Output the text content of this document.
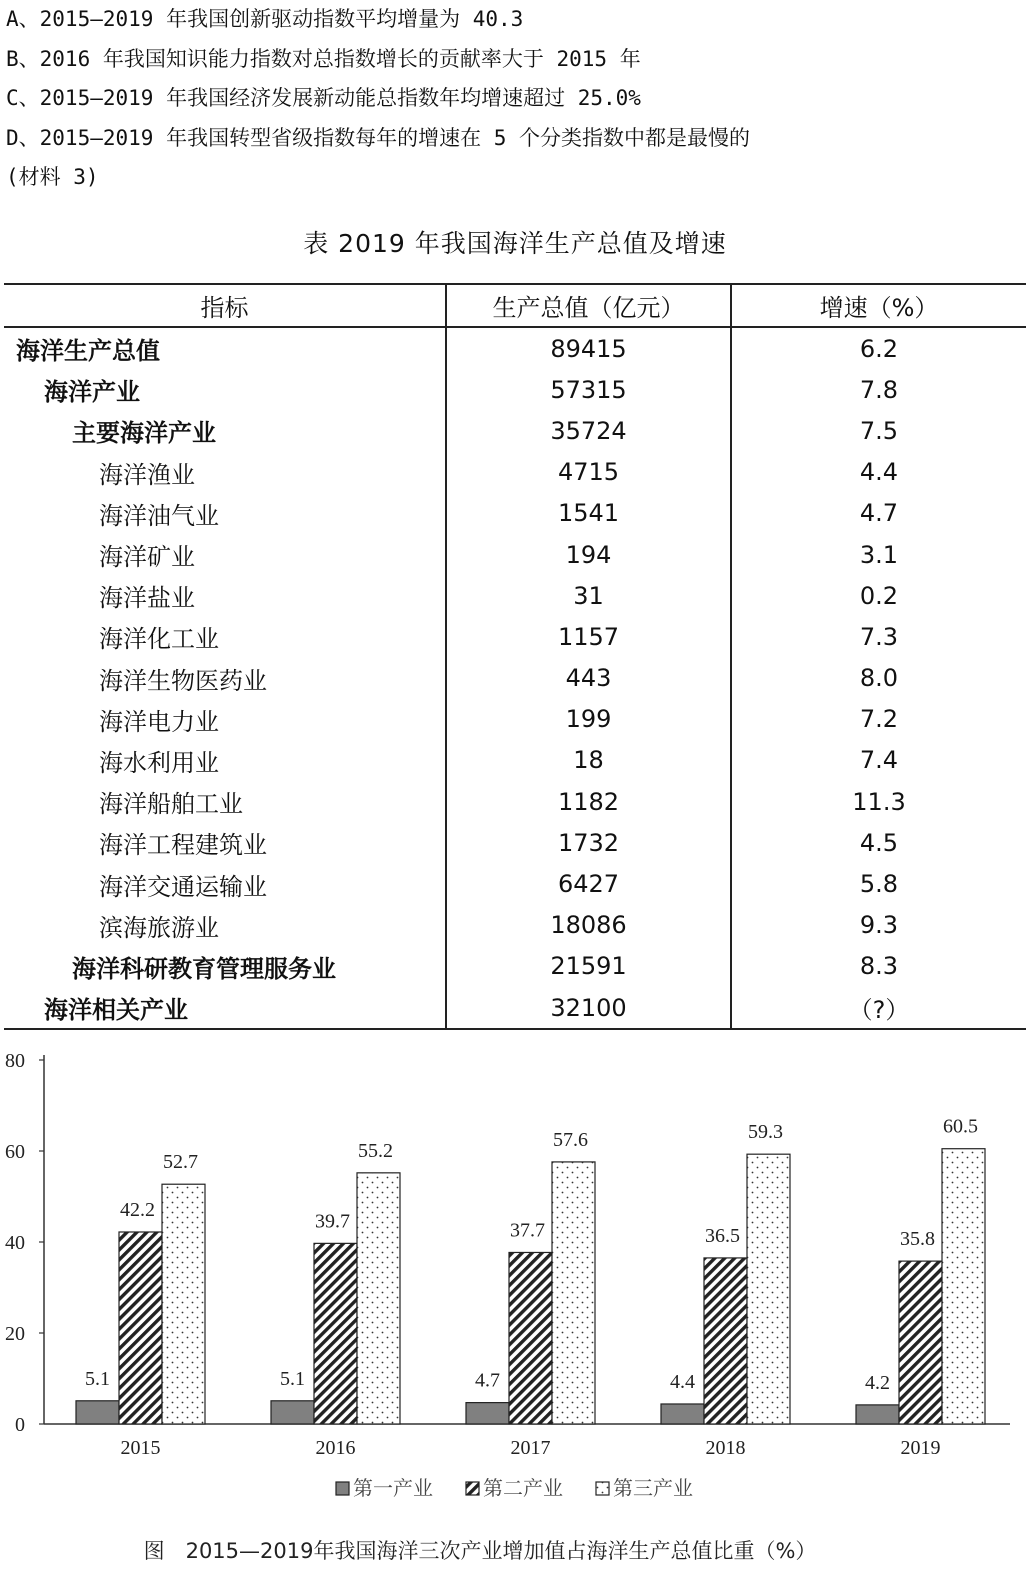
A、2015—2019 年我国创新驱动指数平均增量为 40.3
B、2016 年我国知识能力指数对总指数增长的贡献率大于 2015 年
C、2015—2019 年我国经济发展新动能总指数年均增速超过 25.0%
D、2015—2019 年我国转型省级指数每年的增速在 5 个分类指数中都是最慢的
(材料 3)
表 2019 年我国海洋生产总值及增速
指标	生产总值（亿元）	增速（%）
海洋生产总值	89415	6.2
海洋产业	57315	7.8
主要海洋产业	35724	7.5
海洋渔业	4715	4.4
海洋油气业	1541	4.7
海洋矿业	194	3.1
海洋盐业	31	0.2
海洋化工业	1157	7.3
海洋生物医药业	443	8.0
海洋电力业	199	7.2
海水利用业	18	7.4
海洋船舶工业	1182	11.3
海洋工程建筑业	1732	4.5
海洋交通运输业	6427	5.8
滨海旅游业	18086	9.3
海洋科研教育管理服务业	21591	8.3
海洋相关产业	32100	（?）
0
20
40
60
80
5.1
42.2
52.7
2015
5.1
39.7
55.2
2016
4.7
37.7
57.6
2017
4.4
36.5
59.3
2018
4.2
35.8
60.5
2019
第一产业	第二产业	第三产业
图　2015—2019年我国海洋三次产业增加值占海洋生产总值比重（%）
